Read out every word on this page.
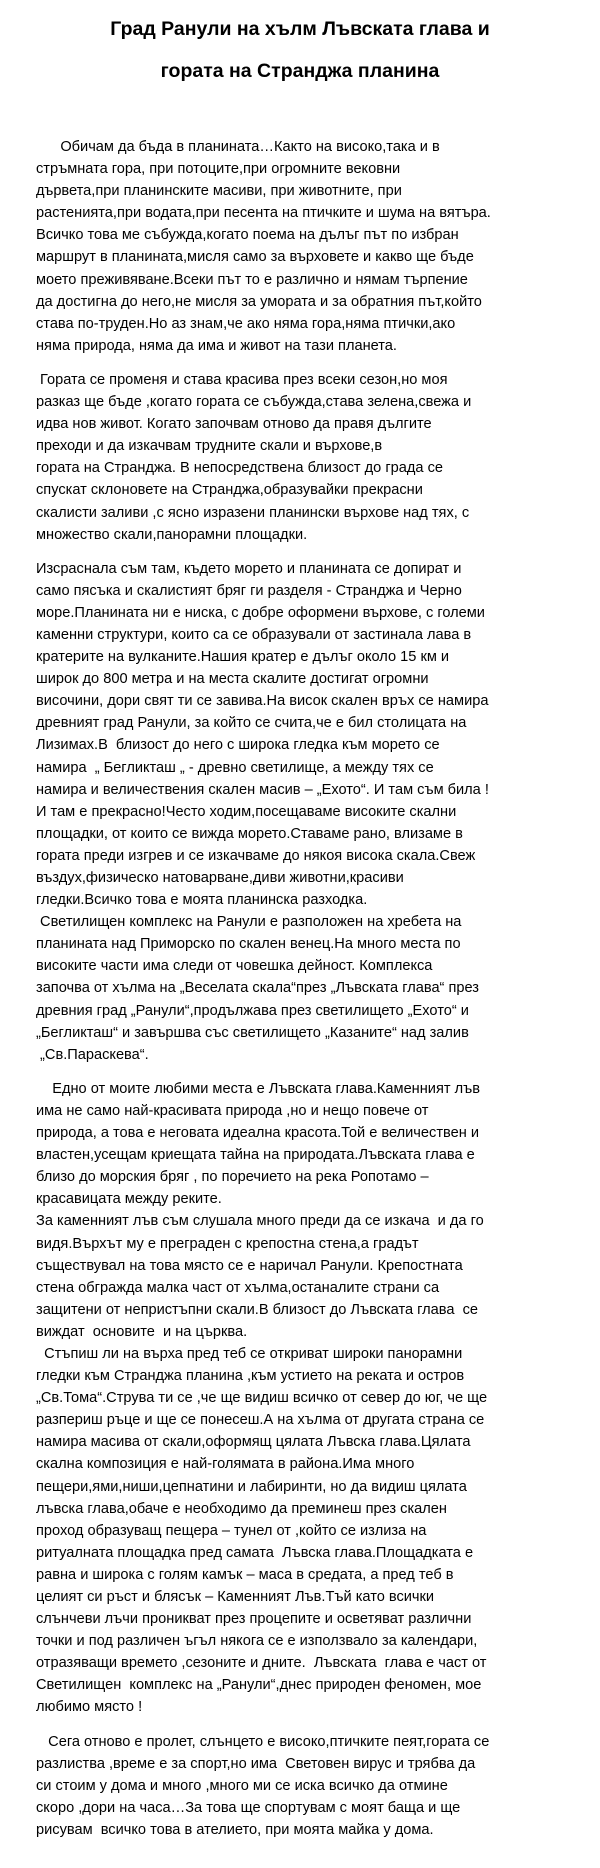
Град Ранули на хълм Лъвската глава и
гората на Странджа планина

Обичам да бъда в планината…Както на високо,така и в
стръмната гора, при потоците,при огромните вековни
дървета,при планинските масиви, при животните, при
растенията,при водата,при песента на птичките и шума на вятъра.
Всичко това ме събужда,когато поема на дълъг път по избран
маршрут в планината,мисля само за върховете и какво ще бъде
моето преживяване.Всеки път то е различно и нямам търпение
да достигна до него,не мисля за умората и за обратния път,който
става по-труден.Но аз знам,че ако няма гора,няма птички,ако
няма природа, няма да има и живот на тази планета.

Гората се променя и става красива през всеки сезон,но моя
разказ ще бъде ,когато гората се събужда,става зелена,свежа и
идва нов живот. Когато започвам отново да правя дългите
преходи и да изкачвам трудните скали и върхове,в
гората на Странджа. В непосредствена близост до града се
спускат склоновете на Странджа,образувайки прекрасни
скалисти заливи ,с ясно изразени планински върхове над тях, с
множество скали,панорамни площадки.

Изсраснала съм там, където морето и планината се допират и
само пясъка и скалистият бряг ги разделя - Странджа и Черно
море.Планината ни е ниска, с добре оформени върхове, с големи
каменни структури, които са се образували от застинала лава в
кратерите на вулканите.Нашия кратер е дълъг около 15 км и
широк до 800 метра и на места скалите достигат огромни
височини, дори свят ти се завива.На висок скален връх се намира
древният град Ранули, за който се счита,че е бил столицата на
Лизимах.В  близост до него с широка гледка към морето се
намира  „ Бегликташ „ - древно светилище, а между тях се
намира и величествения скален масив – „Ехото“. И там съм била !
И там е прекрасно!Често ходим,посещаваме високите скални
площадки, от които се вижда морето.Ставаме рано, влизаме в
гората преди изгрев и се изкачваме до някоя висока скала.Свеж
въздух,физическо натоварване,диви животни,красиви
гледки.Всичко това е моята планинска разходка.

Светилищен комплекс на Ранули е разположен на хребета на
планината над Приморско по скален венец.На много места по
високите части има следи от човешка дейност. Комплекса
започва от хълма на „Веселата скала“през „Лъвската глава“ през
древния град „Ранули“,продължава през светилището „Ехото“ и
„Бегликташ“ и завършва със светилището „Казаните“ над залив
„Св.Параскева“.

Едно от моите любими места е Лъвската глава.Каменният лъв
има не само най-красивата природа ,но и нещо повече от
природа, а това е неговата идеална красота.Той е величествен и
властен,усещам криещата тайна на природата.Лъвската глава е
близо до морския бряг , по поречието на река Ропотамо –
красавицата между реките.

За каменният лъв съм слушала много преди да се изкача  и да го
видя.Върхът му е преграден с крепостна стена,а градът
съществувал на това място се е наричал Ранули. Крепостната
стена обгражда малка част от хълма,останалите страни са
защитени от непристъпни скали.В близост до Лъвската глава  се
виждат  основите  и на църква.

Стъпиш ли на върха пред теб се откриват широки панорамни
гледки към Странджа планина ,към устието на реката и остров
„Св.Тома“.Струва ти се ,че ще видиш всичко от север до юг, че ще
разпериш ръце и ще се понесеш.А на хълма от другата страна се
намира масива от скали,оформящ цялата Лъвска глава.Цялата
скална композиция е най-голямата в района.Има много
пещери,ями,ниши,цепнатини и лабиринти, но да видиш цялата
лъвска глава,обаче е необходимо да преминеш през скален
проход образуващ пещера – тунел от ,който се излиза на
ритуалната площадка пред самата  Лъвска глава.Площадката е
равна и широка с голям камък – маса в средата, а пред теб в
целият си ръст и блясък – Каменният Лъв.Тъй като всички
слънчеви лъчи проникват през процепите и осветяват различни
точки и под различен ъгъл някога се е използвало за календари,
отразяващи времето ,сезоните и дните.  Лъвската  глава е част от
Светилищен  комплекс на „Ранули“,днес природен феномен, мое
любимо място !

Сега отново е пролет, слънцето е високо,птичките пеят,гората се
разлиства ,време е за спорт,но има  Световен вирус и трябва да
си стоим у дома и много ,много ми се иска всичко да отмине
скоро ,дори на часа…За това ще спортувам с моят баща и ще
рисувам  всичко това в ателието, при моята майка у дома.
